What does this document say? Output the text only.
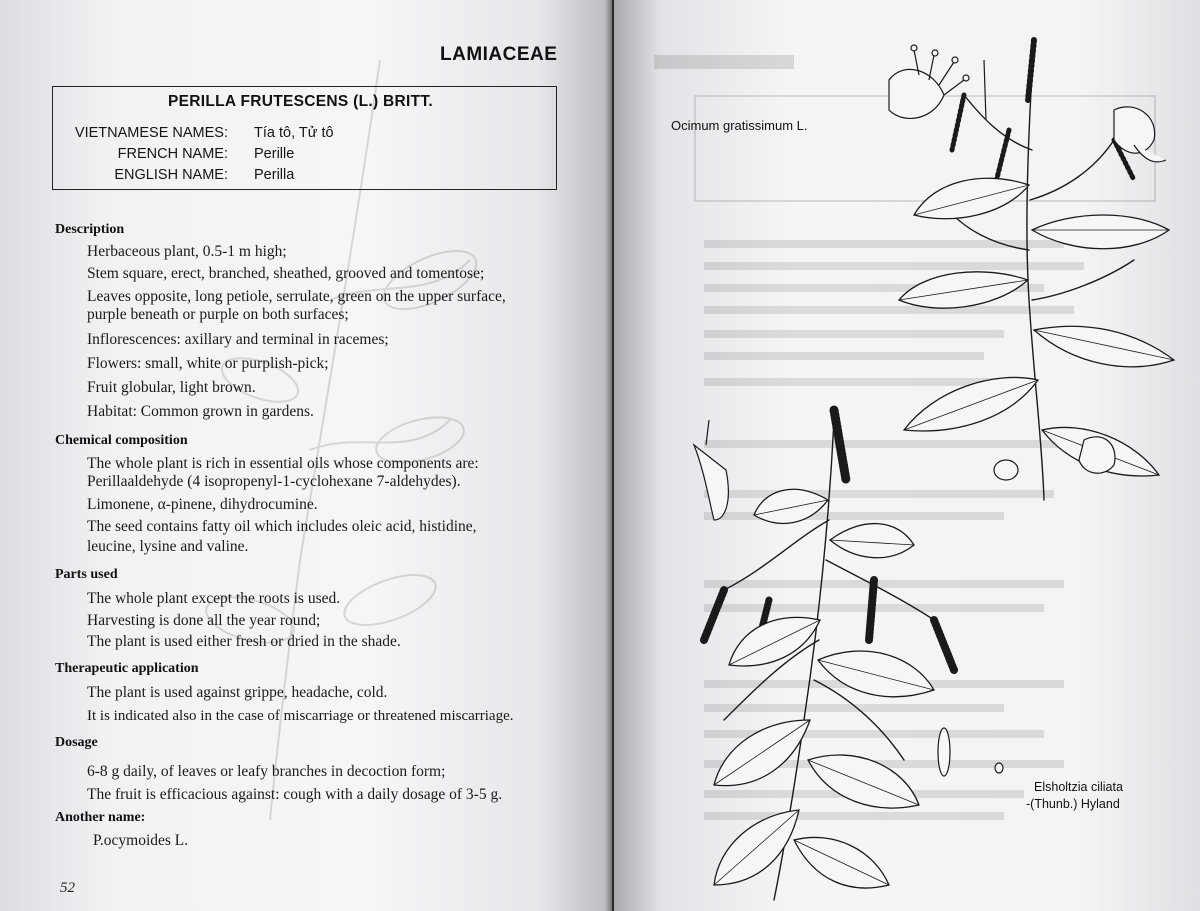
LAMIACEAE
PERILLA FRUTESCENS (L.) BRITT.
VIETNAMESE NAMES: Tía tô, Tử tô
FRENCH NAME: Perille
ENGLISH NAME: Perilla
Description
Herbaceous plant, 0.5-1 m high;
Stem square, erect, branched, sheathed, grooved and tomentose;
Leaves opposite, long petiole, serrulate, green on the upper surface,
purple beneath or purple on both surfaces;
Inflorescences: axillary and terminal in racemes;
Flowers: small, white or purplish-pick;
Fruit globular, light brown.
Habitat: Common grown in gardens.
Chemical composition
The whole plant is rich in essential oils whose components are:
Perillaaldehyde (4 isopropenyl-1-cyclohexane 7-aldehydes).
Limonene, α-pinene, dihydrocumine.
The seed contains fatty oil which includes oleic acid, histidine,
leucine, lysine and valine.
Parts used
The whole plant except the roots is used.
Harvesting is done all the year round;
The plant is used either fresh or dried in the shade.
Therapeutic application
The plant is used against grippe, headache, cold.
It is indicated also in the case of miscarriage or threatened miscarriage.
Dosage
6-8 g daily, of leaves or leafy branches in decoction form;
The fruit is efficacious against: cough with a daily dosage of 3-5 g.
Another name:
P.ocymoides L.
52
Ocimum gratissimum L.
Elsholtzia ciliata
-(Thunb.) Hyland
